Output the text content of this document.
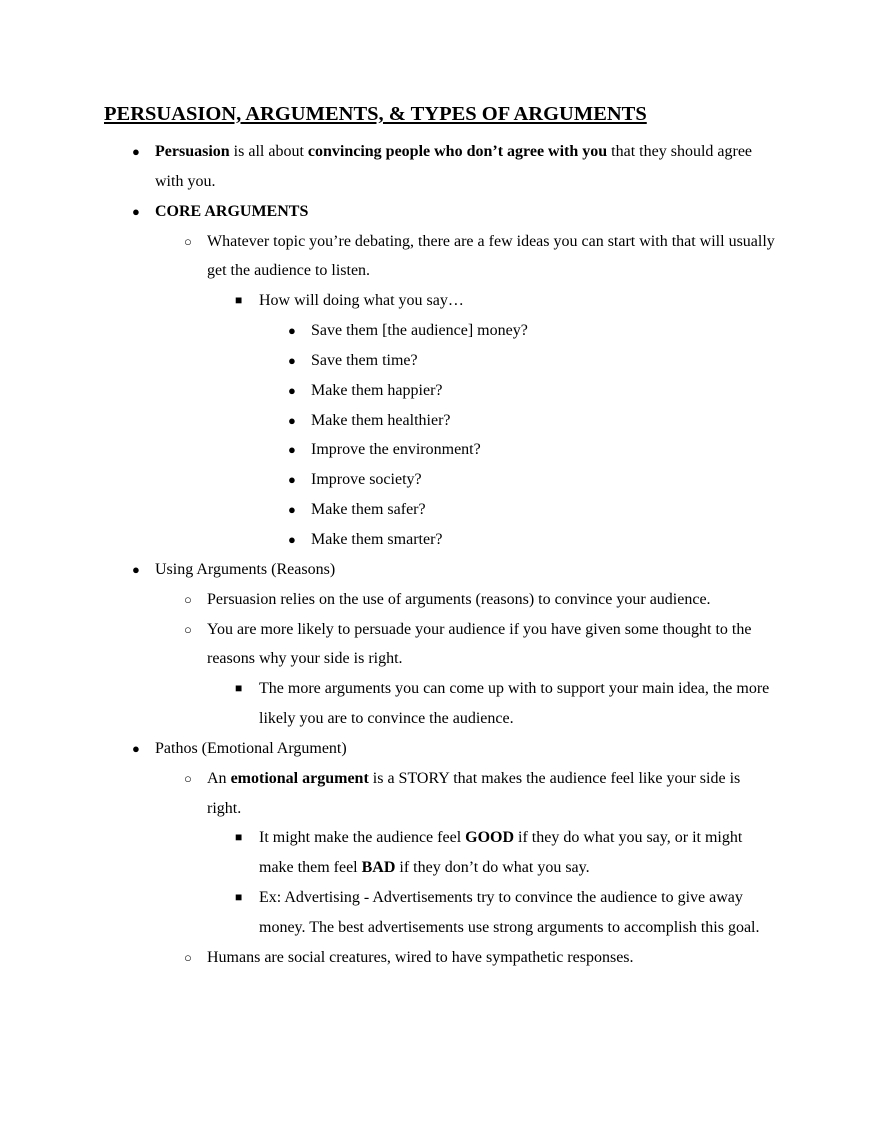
PERSUASION, ARGUMENTS, & TYPES OF ARGUMENTS
● Persuasion is all about convincing people who don’t agree with you that they should agree with you.
● CORE ARGUMENTS
○ Whatever topic you’re debating, there are a few ideas you can start with that will usually get the audience to listen.
■ How will doing what you say…
● Save them [the audience] money?
● Save them time?
● Make them happier?
● Make them healthier?
● Improve the environment?
● Improve society?
● Make them safer?
● Make them smarter?
● Using Arguments (Reasons)
○ Persuasion relies on the use of arguments (reasons) to convince your audience.
○ You are more likely to persuade your audience if you have given some thought to the reasons why your side is right.
■ The more arguments you can come up with to support your main idea, the more likely you are to convince the audience.
● Pathos (Emotional Argument)
○ An emotional argument is a STORY that makes the audience feel like your side is right.
■ It might make the audience feel GOOD if they do what you say, or it might make them feel BAD if they don’t do what you say.
■ Ex: Advertising - Advertisements try to convince the audience to give away money. The best advertisements use strong arguments to accomplish this goal.
○ Humans are social creatures, wired to have sympathetic responses.
